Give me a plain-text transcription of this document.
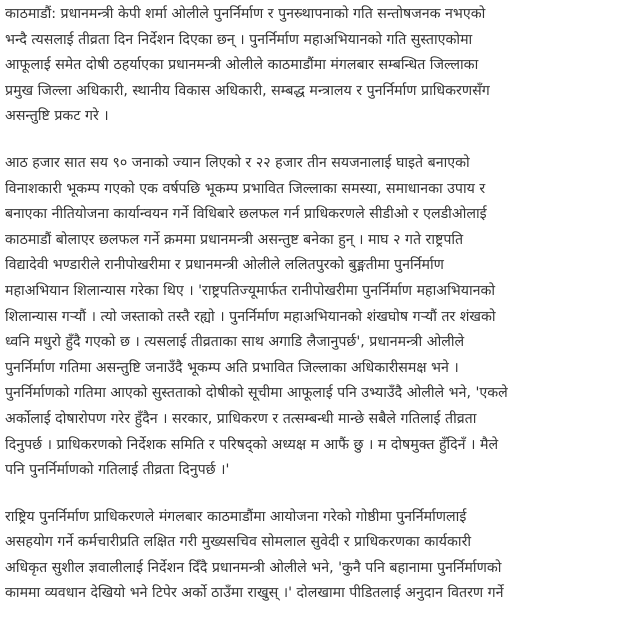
काठमाडौं: प्रधानमन्त्री केपी शर्मा ओलीले पुनर्निर्माण र पुनस्र्थापनाको गति सन्तोषजनक नभएको
भन्दै त्यसलाई तीव्रता दिन निर्देशन दिएका छन् । पुनर्निर्माण महाअभियानको गति सुस्ताएकोमा
आफूलाई समेत दोषी ठहर्याएका प्रधानमन्त्री ओलीले काठमाडौंमा मंगलबार सम्बन्धित जिल्लाका
प्रमुख जिल्ला अधिकारी, स्थानीय विकास अधिकारी, सम्बद्ध मन्त्रालय र पुनर्निर्माण प्राधिकरणसँग
असन्तुष्टि प्रकट गरे ।
आठ हजार सात सय ९० जनाको ज्यान लिएको र २२ हजार तीन सयजनालाई घाइते बनाएको
विनाशकारी भूकम्प गएको एक वर्षपछि भूकम्प प्रभावित जिल्लाका समस्या, समाधानका उपाय र
बनाएका नीतियोजना कार्यान्वयन गर्ने विधिबारे छलफल गर्न प्राधिकरणले सीडीओ र एलडीओलाई
काठमाडौं बोलाएर छलफल गर्ने क्रममा प्रधानमन्त्री असन्तुष्ट बनेका हुन् । माघ २ गते राष्ट्रपति
विद्यादेवी भण्डारीले रानीपोखरीमा र प्रधानमन्त्री ओलीले ललितपुरको बुङ्मतीमा पुनर्निर्माण
महाअभियान शिलान्यास गरेका थिए । 'राष्ट्रपतिज्यूमार्फत रानीपोखरीमा पुनर्निर्माण महाअभियानको
शिलान्यास गर्‍यौं । त्यो जस्ताको तस्तै रह्यो । पुनर्निर्माण महाअभियानको शंखघोष गर्‍यौं तर शंखको
ध्वनि मधुरो हुँदै गएको छ । त्यसलाई तीव्रताका साथ अगाडि लैजानुपर्छ', प्रधानमन्त्री ओलीले
पुनर्निर्माण गतिमा असन्तुष्टि जनाउँदै भूकम्प अति प्रभावित जिल्लाका अधिकारीसमक्ष भने ।
पुनर्निर्माणको गतिमा आएको सुस्तताको दोषीको सूचीमा आफूलाई पनि उभ्याउँदै ओलीले भने, 'एकले
अर्कोलाई दोषारोपण गरेर हुँदैन । सरकार, प्राधिकरण र तत्सम्बन्धी मान्छे सबैले गतिलाई तीव्रता
दिनुपर्छ । प्राधिकरणको निर्देशक समिति र परिषद्को अध्यक्ष म आफैं छु । म दोषमुक्त हुँदिनँ । मैले
पनि पुनर्निर्माणको गतिलाई तीव्रता दिनुपर्छ ।'
राष्ट्रिय पुनर्निर्माण प्राधिकरणले मंगलबार काठमाडौंमा आयोजना गरेको गोष्ठीमा पुनर्निर्माणलाई
असहयोग गर्ने कर्मचारीप्रति लक्षित गरी मुख्यसचिव सोमलाल सुवेदी र प्राधिकरणका कार्यकारी
अधिकृत सुशील ज्ञवालीलाई निर्देशन दिँदै प्रधानमन्त्री ओलीले भने, 'कुनै पनि बहानामा पुनर्निर्माणको
काममा व्यवधान देखियो भने टिपेर अर्को ठाउँमा राखुस् ।' दोलखामा पीडितलाई अनुदान वितरण गर्ने
